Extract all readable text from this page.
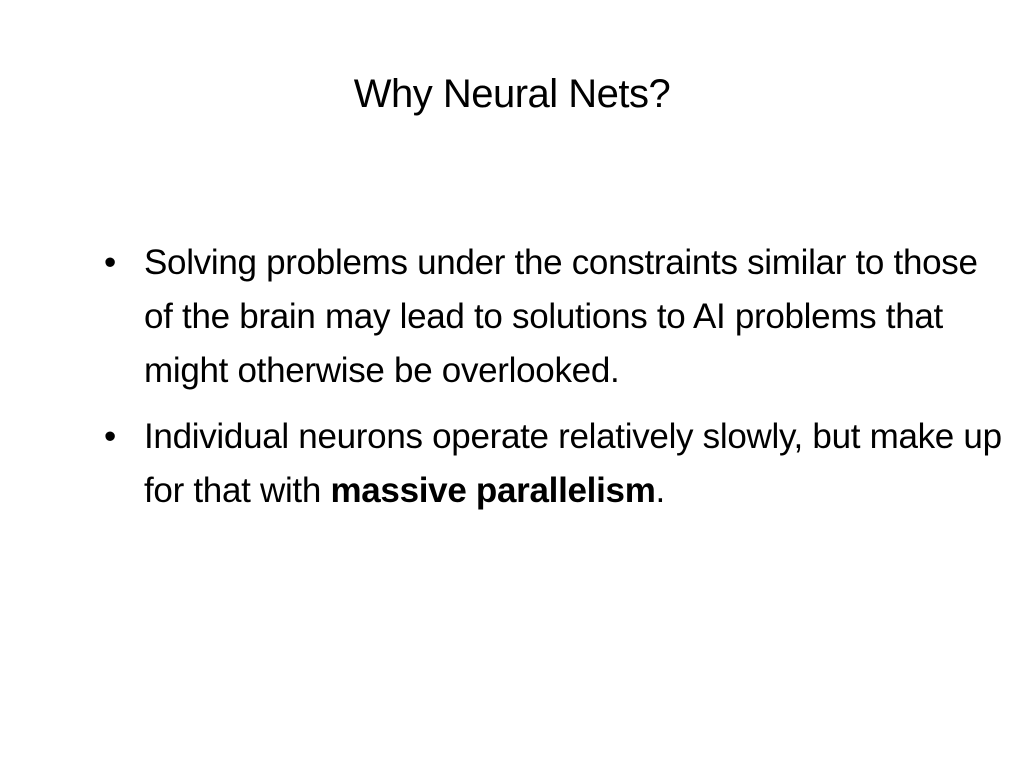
Why Neural Nets?
• Solving problems under the constraints similar to those of the brain may lead to solutions to AI problems that might otherwise be overlooked.
• Individual neurons operate relatively slowly, but make up for that with massive parallelism.
